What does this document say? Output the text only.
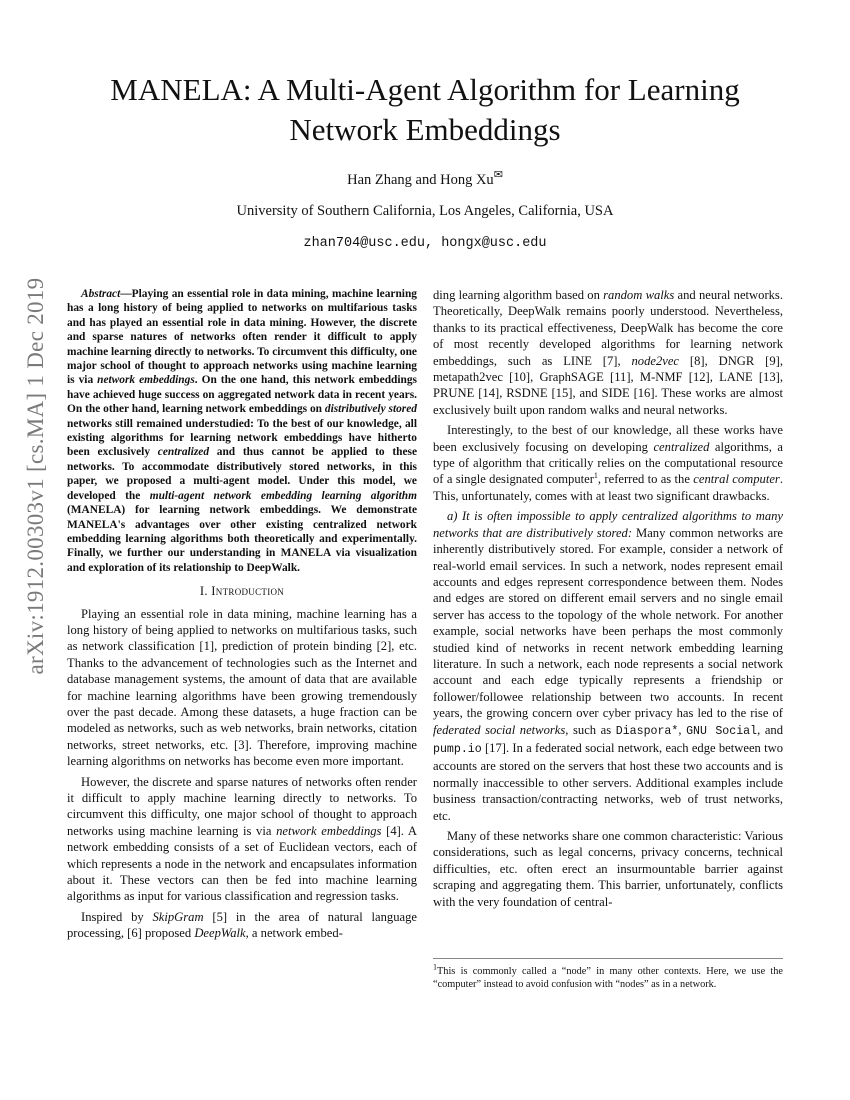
MANELA: A Multi-Agent Algorithm for Learning Network Embeddings
Han Zhang and Hong Xu✉
University of Southern California, Los Angeles, California, USA
zhan704@usc.edu, hongx@usc.edu
arXiv:1912.00303v1 [cs.MA] 1 Dec 2019	Abstract—Playing an essential role in data mining, machine learning has a long history of being applied to networks on multifarious tasks and has played an essential role in data mining. However, the discrete and sparse natures of networks often render it difficult to apply machine learning directly to networks. To circumvent this difficulty, one major school of thought to approach networks using machine learning is via network embeddings. On the one hand, this network embeddings have achieved huge success on aggregated network data in recent years. On the other hand, learning network embeddings on distributively stored networks still remained understudied: To the best of our knowledge, all existing algorithms for learning network embeddings have hitherto been exclusively centralized and thus cannot be applied to these networks. To accommodate distributively stored networks, in this paper, we proposed a multi-agent model. Under this model, we developed the multi-agent network embedding learning algorithm (MANELA) for learning network embeddings. We demonstrate MANELA's advantages over other existing centralized network embedding learning algorithms both theoretically and experimentally. Finally, we further our understanding in MANELA via visualization and exploration of its relationship to DeepWalk.

I. Introduction

Playing an essential role in data mining, machine learning has a long history of being applied to networks on multifarious tasks, such as network classification [1], prediction of protein binding [2], etc. Thanks to the advancement of technologies such as the Internet and database management systems, the amount of data that are available for machine learning algorithms have been growing tremendously over the past decade. Among these datasets, a huge fraction can be modeled as networks, such as web networks, brain networks, citation networks, street networks, etc. [3]. Therefore, improving machine learning algorithms on networks has become even more important.

However, the discrete and sparse natures of networks often render it difficult to apply machine learning directly to networks. To circumvent this difficulty, one major school of thought to approach networks using machine learning is via network embeddings [4]. A network embedding consists of a set of Euclidean vectors, each of which represents a node in the network and encapsulates information about it. These vectors can then be fed into machine learning algorithms as input for various classification and regression tasks.

Inspired by SkipGram [5] in the area of natural language processing, [6] proposed DeepWalk, a network embed-

ding learning algorithm based on random walks and neural networks. Theoretically, DeepWalk remains poorly understood. Nevertheless, thanks to its practical effectiveness, DeepWalk has become the core of most recently developed algorithms for learning network embeddings, such as LINE [7], node2vec [8], DNGR [9], metapath2vec [10], GraphSAGE [11], M-NMF [12], LANE [13], PRUNE [14], RSDNE [15], and SIDE [16]. These works are almost exclusively built upon random walks and neural networks.

Interestingly, to the best of our knowledge, all these works have been exclusively focusing on developing centralized algorithms, a type of algorithm that critically relies on the computational resource of a single designated computer$^1$, referred to as the central computer. This, unfortunately, comes with at least two significant drawbacks.

a) It is often impossible to apply centralized algorithms to many networks that are distributively stored: Many common networks are inherently distributively stored. For example, consider a network of real-world email services. In such a network, nodes represent email accounts and edges represent correspondence between them. Nodes and edges are stored on different email servers and no single email server has access to the topology of the whole network. For another example, social networks have been perhaps the most commonly studied kind of networks in recent network embedding learning literature. In such a network, each node represents a social network account and each edge typically represents a friendship or follower/followee relationship between two accounts. In recent years, the growing concern over cyber privacy has led to the rise of federated social networks, such as Diaspora*, GNU Social, and pump.io [17]. In a federated social network, each edge between two accounts are stored on the servers that host these two accounts and is normally inaccessible to other servers. Additional examples include business transaction/contracting networks, web of trust networks, etc.

Many of these networks share one common characteristic: Various considerations, such as legal concerns, privacy concerns, technical difficulties, etc. often erect an insurmountable barrier against scraping and aggregating them. This barrier, unfortunately, conflicts with the very foundation of central-

$^1$This is commonly called a “node” in many other contexts. Here, we use the “computer” instead to avoid confusion with “nodes” as in a network.
